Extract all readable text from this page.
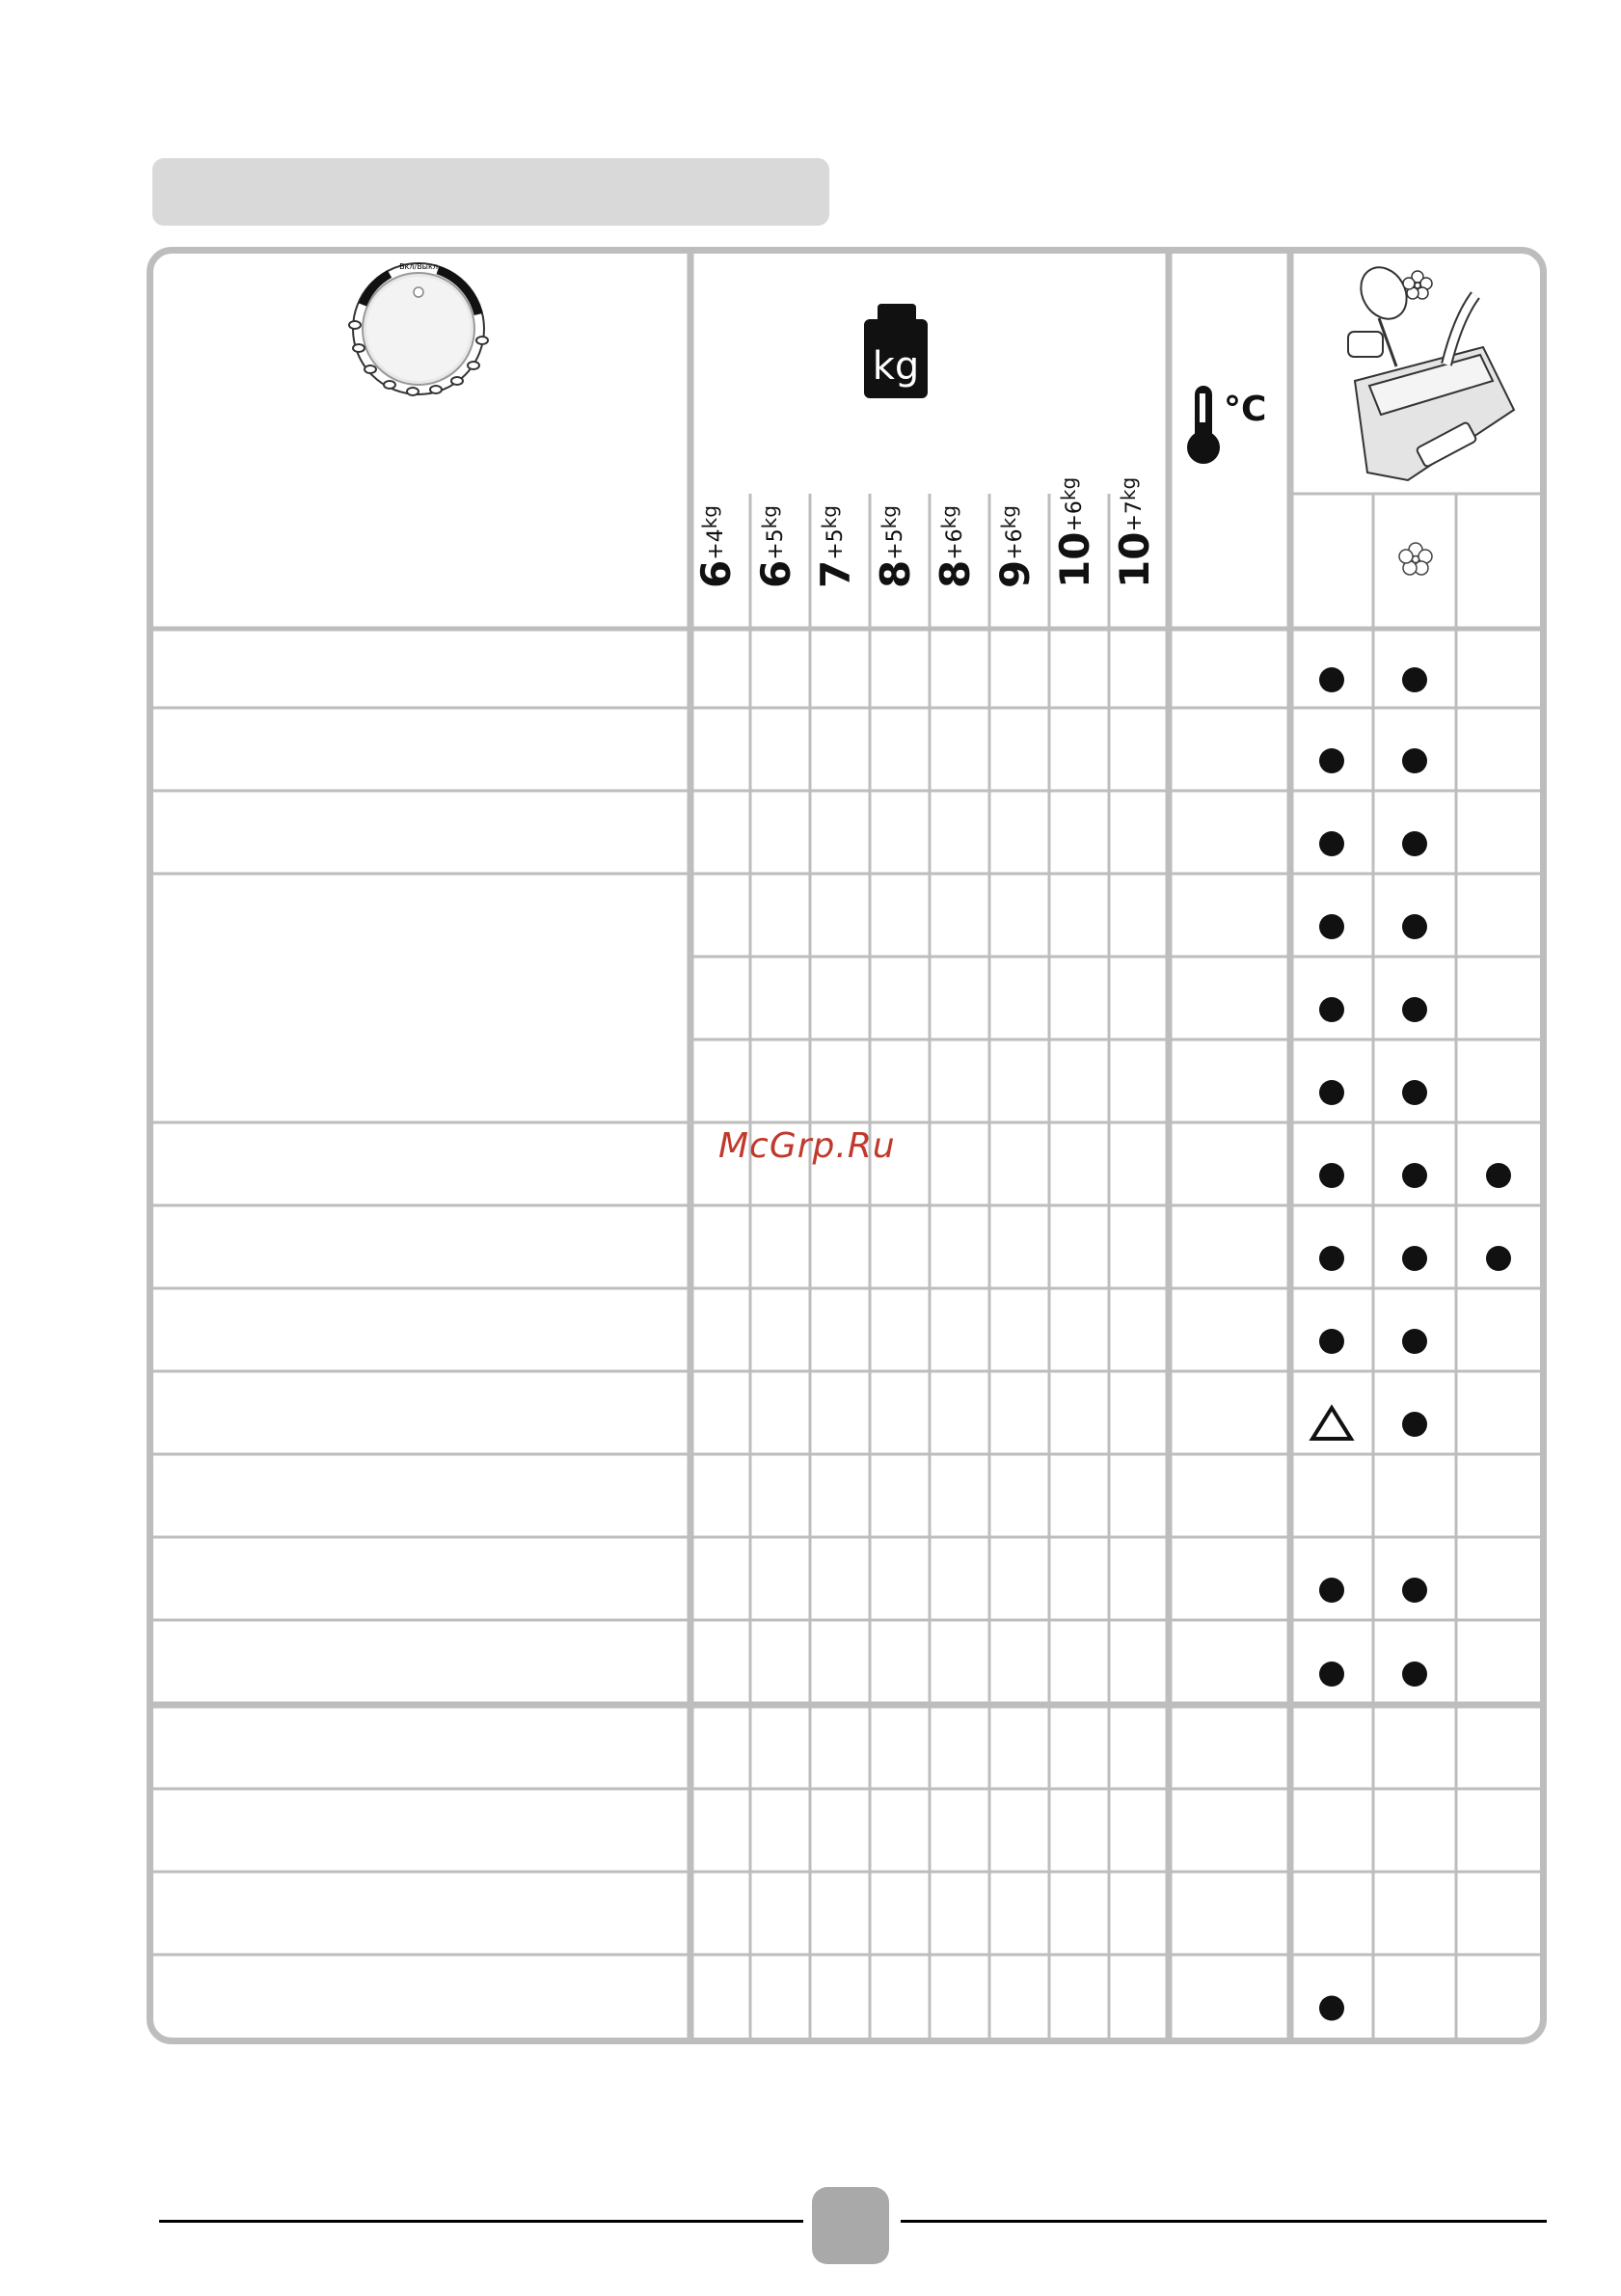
Вкл/Выкл
kg
°C
6+4kg
6+5kg
7+5kg
8+5kg
8+6kg
9+6kg
10+6kg
10+7kg
McGrp.Ru
